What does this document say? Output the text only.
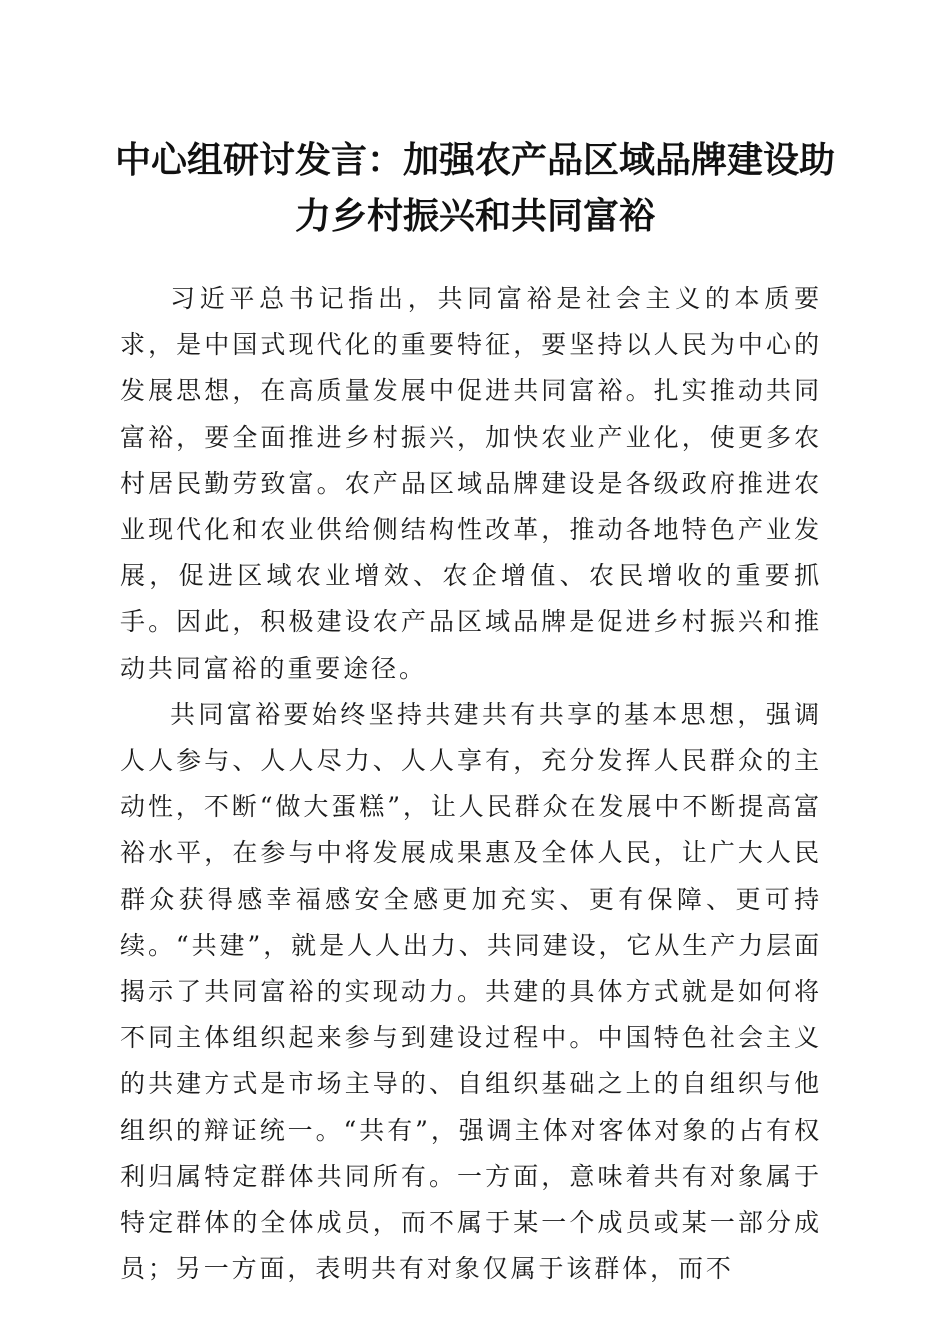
中心组研讨发言：加强农产品区域品牌建设助力乡村振兴和共同富裕

习近平总书记指出，共同富裕是社会主义的本质要求，是中国式现代化的重要特征，要坚持以人民为中心的发展思想，在高质量发展中促进共同富裕。扎实推动共同富裕，要全面推进乡村振兴，加快农业产业化，使更多农村居民勤劳致富。农产品区域品牌建设是各级政府推进农业现代化和农业供给侧结构性改革，推动各地特色产业发展，促进区域农业增效、农企增值、农民增收的重要抓手。因此，积极建设农产品区域品牌是促进乡村振兴和推动共同富裕的重要途径。

共同富裕要始终坚持共建共有共享的基本思想，强调人人参与、人人尽力、人人享有，充分发挥人民群众的主动性，不断“做大蛋糕”，让人民群众在发展中不断提高富裕水平，在参与中将发展成果惠及全体人民，让广大人民群众获得感幸福感安全感更加充实、更有保障、更可持续。“共建”，就是人人出力、共同建设，它从生产力层面揭示了共同富裕的实现动力。共建的具体方式就是如何将不同主体组织起来参与到建设过程中。中国特色社会主义的共建方式是市场主导的、自组织基础之上的自组织与他组织的辩证统一。“共有”，强调主体对客体对象的占有权利归属特定群体共同所有。一方面，意味着共有对象属于特定群体的全体成员，而不属于某一个成员或某一部分成员；另一方面，表明共有对象仅属于该群体，而不
